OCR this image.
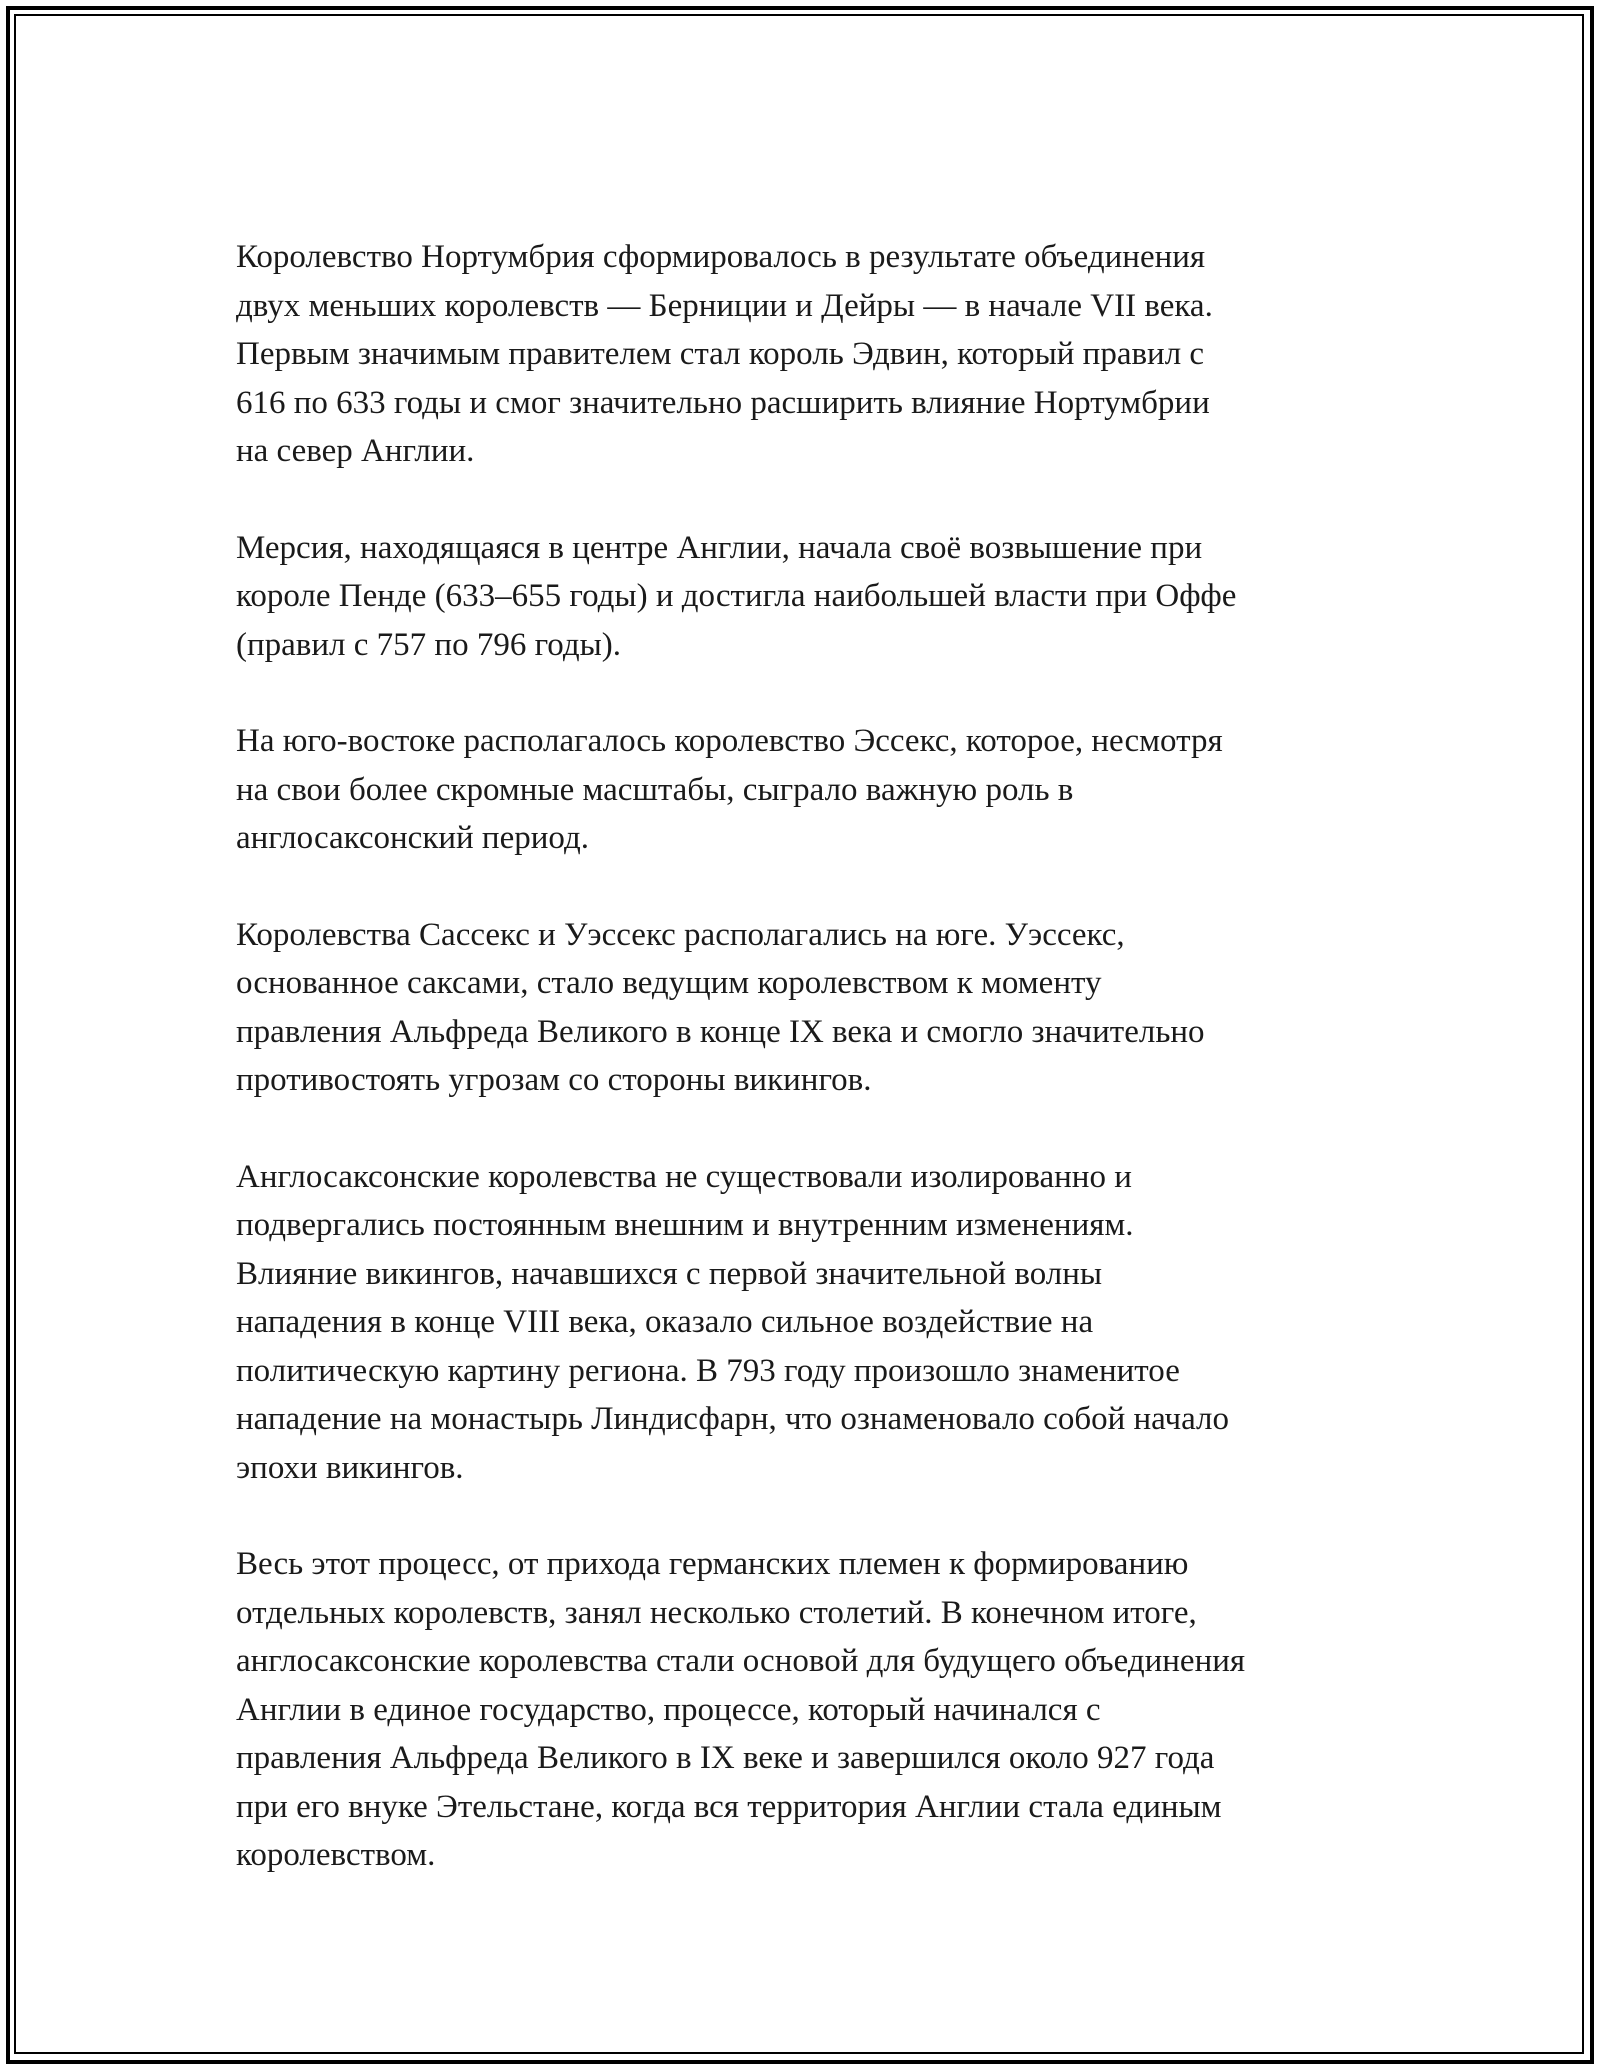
Королевство Нортумбрия сформировалось в результате объединения
двух меньших королевств — Берниции и Дейры — в начале VII века.
Первым значимым правителем стал король Эдвин, который правил с
616 по 633 годы и смог значительно расширить влияние Нортумбрии
на север Англии.

Мерсия, находящаяся в центре Англии, начала своё возвышение при
короле Пенде (633–655 годы) и достигла наибольшей власти при Оффе
(правил с 757 по 796 годы).

На юго-востоке располагалось королевство Эссекс, которое, несмотря
на свои более скромные масштабы, сыграло важную роль в
англосаксонский период.

Королевства Сассекс и Уэссекс располагались на юге. Уэссекс,
основанное саксами, стало ведущим королевством к моменту
правления Альфреда Великого в конце IX века и смогло значительно
противостоять угрозам со стороны викингов.

Англосаксонские королевства не существовали изолированно и
подвергались постоянным внешним и внутренним изменениям.
Влияние викингов, начавшихся с первой значительной волны
нападения в конце VIII века, оказало сильное воздействие на
политическую картину региона. В 793 году произошло знаменитое
нападение на монастырь Линдисфарн, что ознаменовало собой начало
эпохи викингов.

Весь этот процесс, от прихода германских племен к формированию
отдельных королевств, занял несколько столетий. В конечном итоге,
англосаксонские королевства стали основой для будущего объединения
Англии в единое государство, процессе, который начинался с
правления Альфреда Великого в IX веке и завершился около 927 года
при его внуке Этельстане, когда вся территория Англии стала единым
королевством.
